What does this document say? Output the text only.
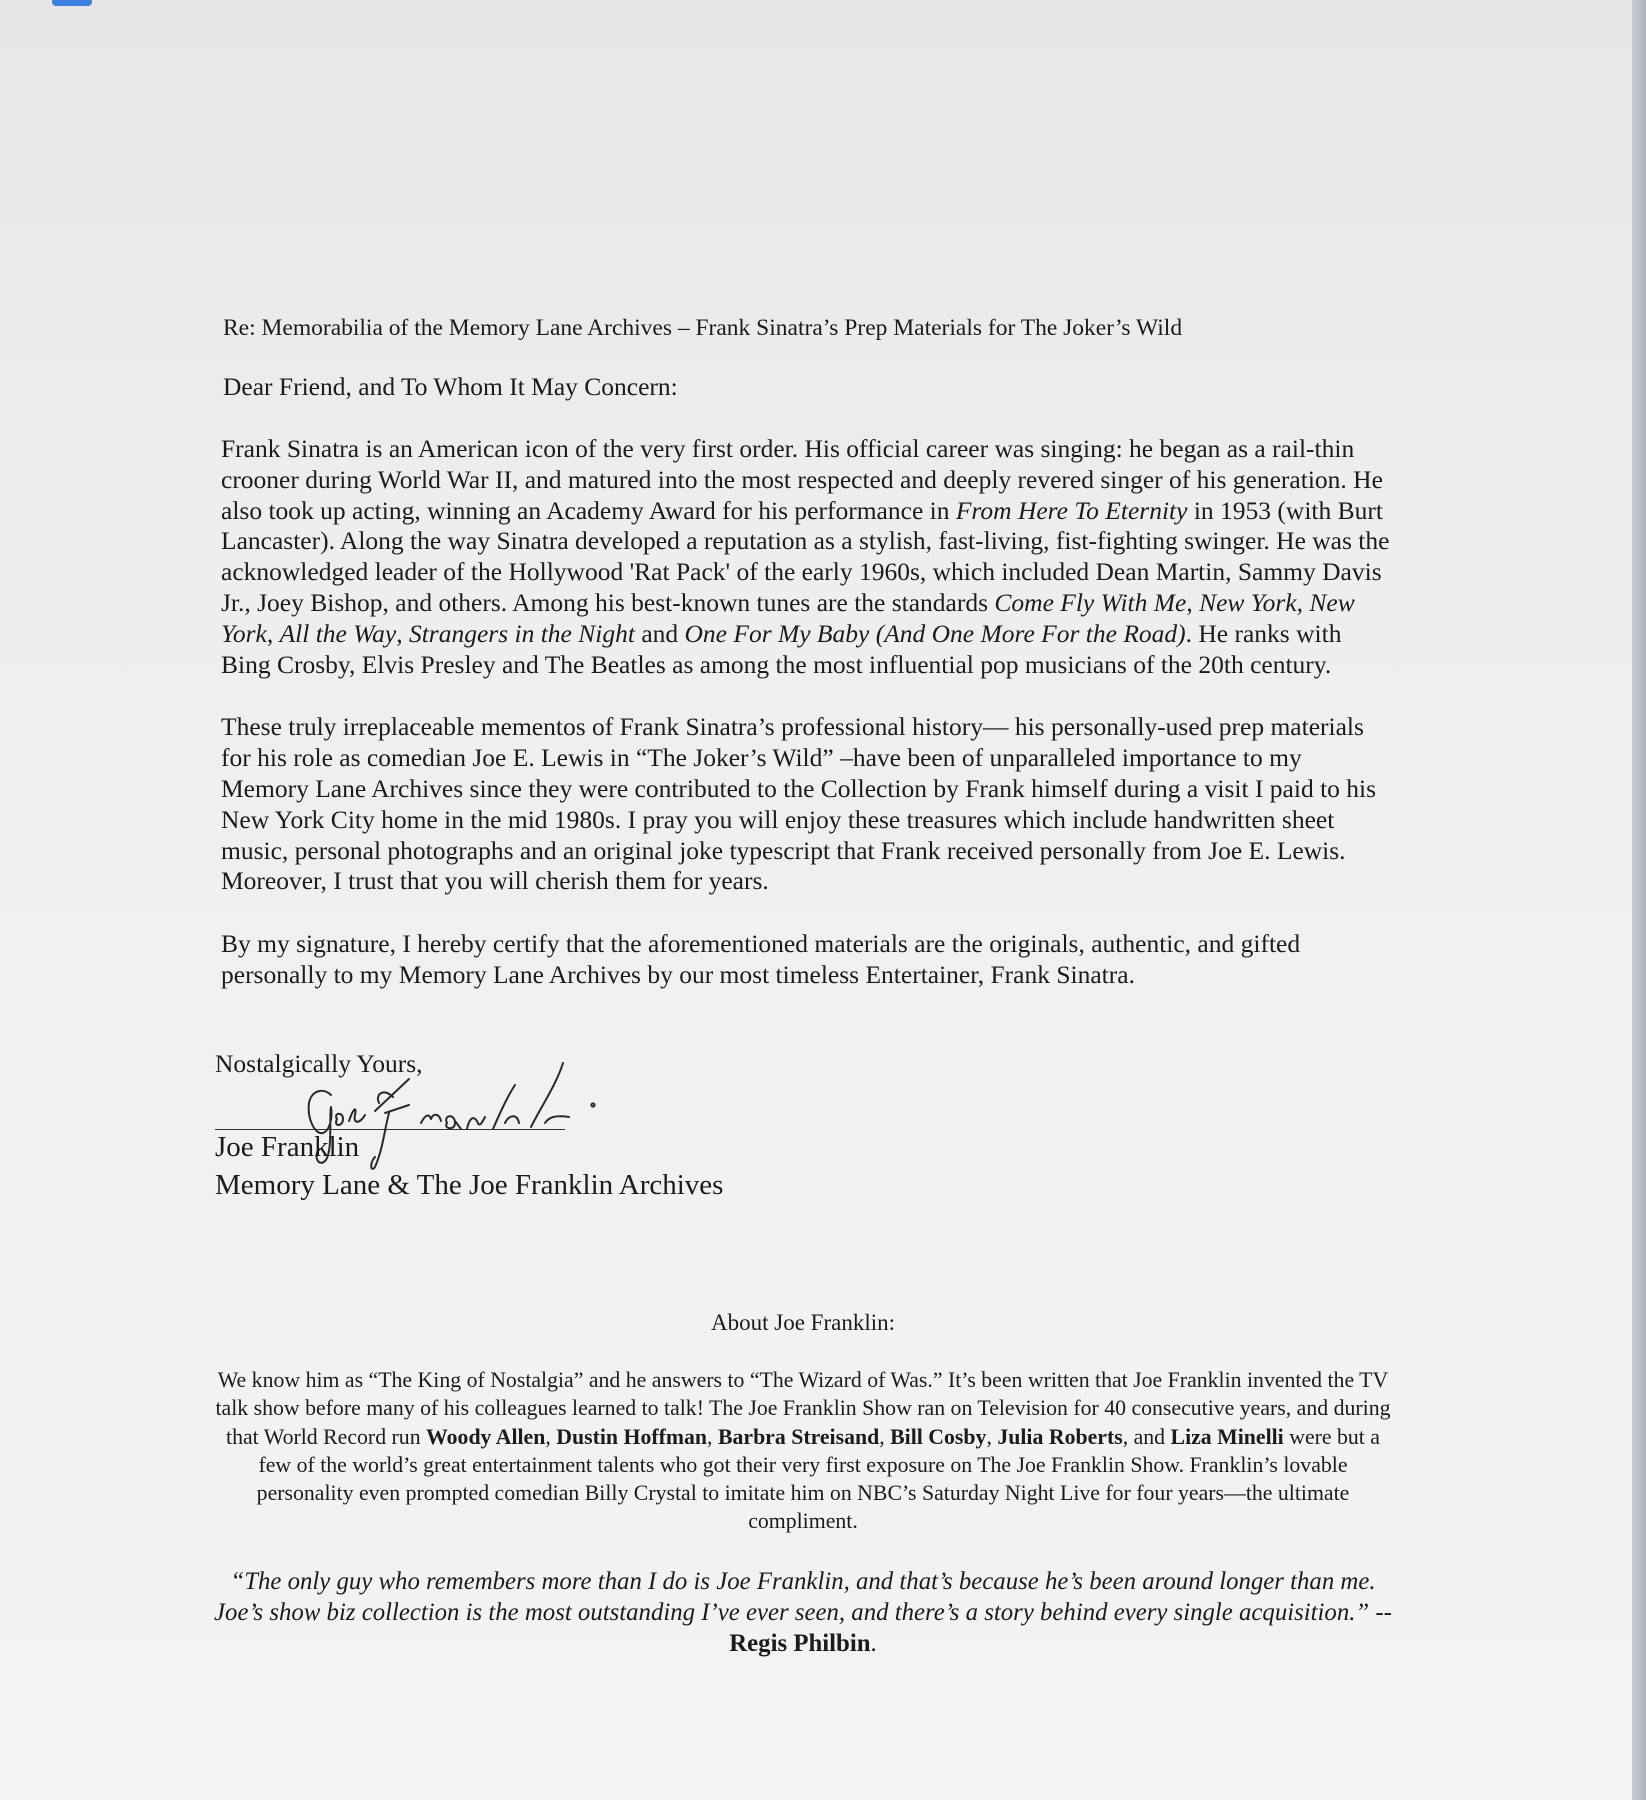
Re: Memorabilia of the Memory Lane Archives – Frank Sinatra’s Prep Materials for The Joker’s Wild

Dear Friend, and To Whom It May Concern:

Frank Sinatra is an American icon of the very first order. His official career was singing: he began as a rail-thin crooner during World War II, and matured into the most respected and deeply revered singer of his generation. He also took up acting, winning an Academy Award for his performance in From Here To Eternity in 1953 (with Burt Lancaster). Along the way Sinatra developed a reputation as a stylish, fast-living, fist-fighting swinger. He was the acknowledged leader of the Hollywood 'Rat Pack' of the early 1960s, which included Dean Martin, Sammy Davis Jr., Joey Bishop, and others. Among his best-known tunes are the standards Come Fly With Me, New York, New York, All the Way, Strangers in the Night and One For My Baby (And One More For the Road). He ranks with Bing Crosby, Elvis Presley and The Beatles as among the most influential pop musicians of the 20th century.

These truly irreplaceable mementos of Frank Sinatra’s professional history— his personally-used prep materials for his role as comedian Joe E. Lewis in “The Joker’s Wild” –have been of unparalleled importance to my Memory Lane Archives since they were contributed to the Collection by Frank himself during a visit I paid to his New York City home in the mid 1980s. I pray you will enjoy these treasures which include handwritten sheet music, personal photographs and an original joke typescript that Frank received personally from Joe E. Lewis. Moreover, I trust that you will cherish them for years.

By my signature, I hereby certify that the aforementioned materials are the originals, authentic, and gifted personally to my Memory Lane Archives by our most timeless Entertainer, Frank Sinatra.

Nostalgically Yours,
Joe Franklin
Memory Lane & The Joe Franklin Archives

About Joe Franklin:

We know him as “The King of Nostalgia” and he answers to “The Wizard of Was.” It’s been written that Joe Franklin invented the TV talk show before many of his colleagues learned to talk! The Joe Franklin Show ran on Television for 40 consecutive years, and during that World Record run Woody Allen, Dustin Hoffman, Barbra Streisand, Bill Cosby, Julia Roberts, and Liza Minelli were but a few of the world’s great entertainment talents who got their very first exposure on The Joe Franklin Show. Franklin’s lovable personality even prompted comedian Billy Crystal to imitate him on NBC’s Saturday Night Live for four years—the ultimate compliment.

“The only guy who remembers more than I do is Joe Franklin, and that’s because he’s been around longer than me. Joe’s show biz collection is the most outstanding I’ve ever seen, and there’s a story behind every single acquisition.” -- Regis Philbin.
